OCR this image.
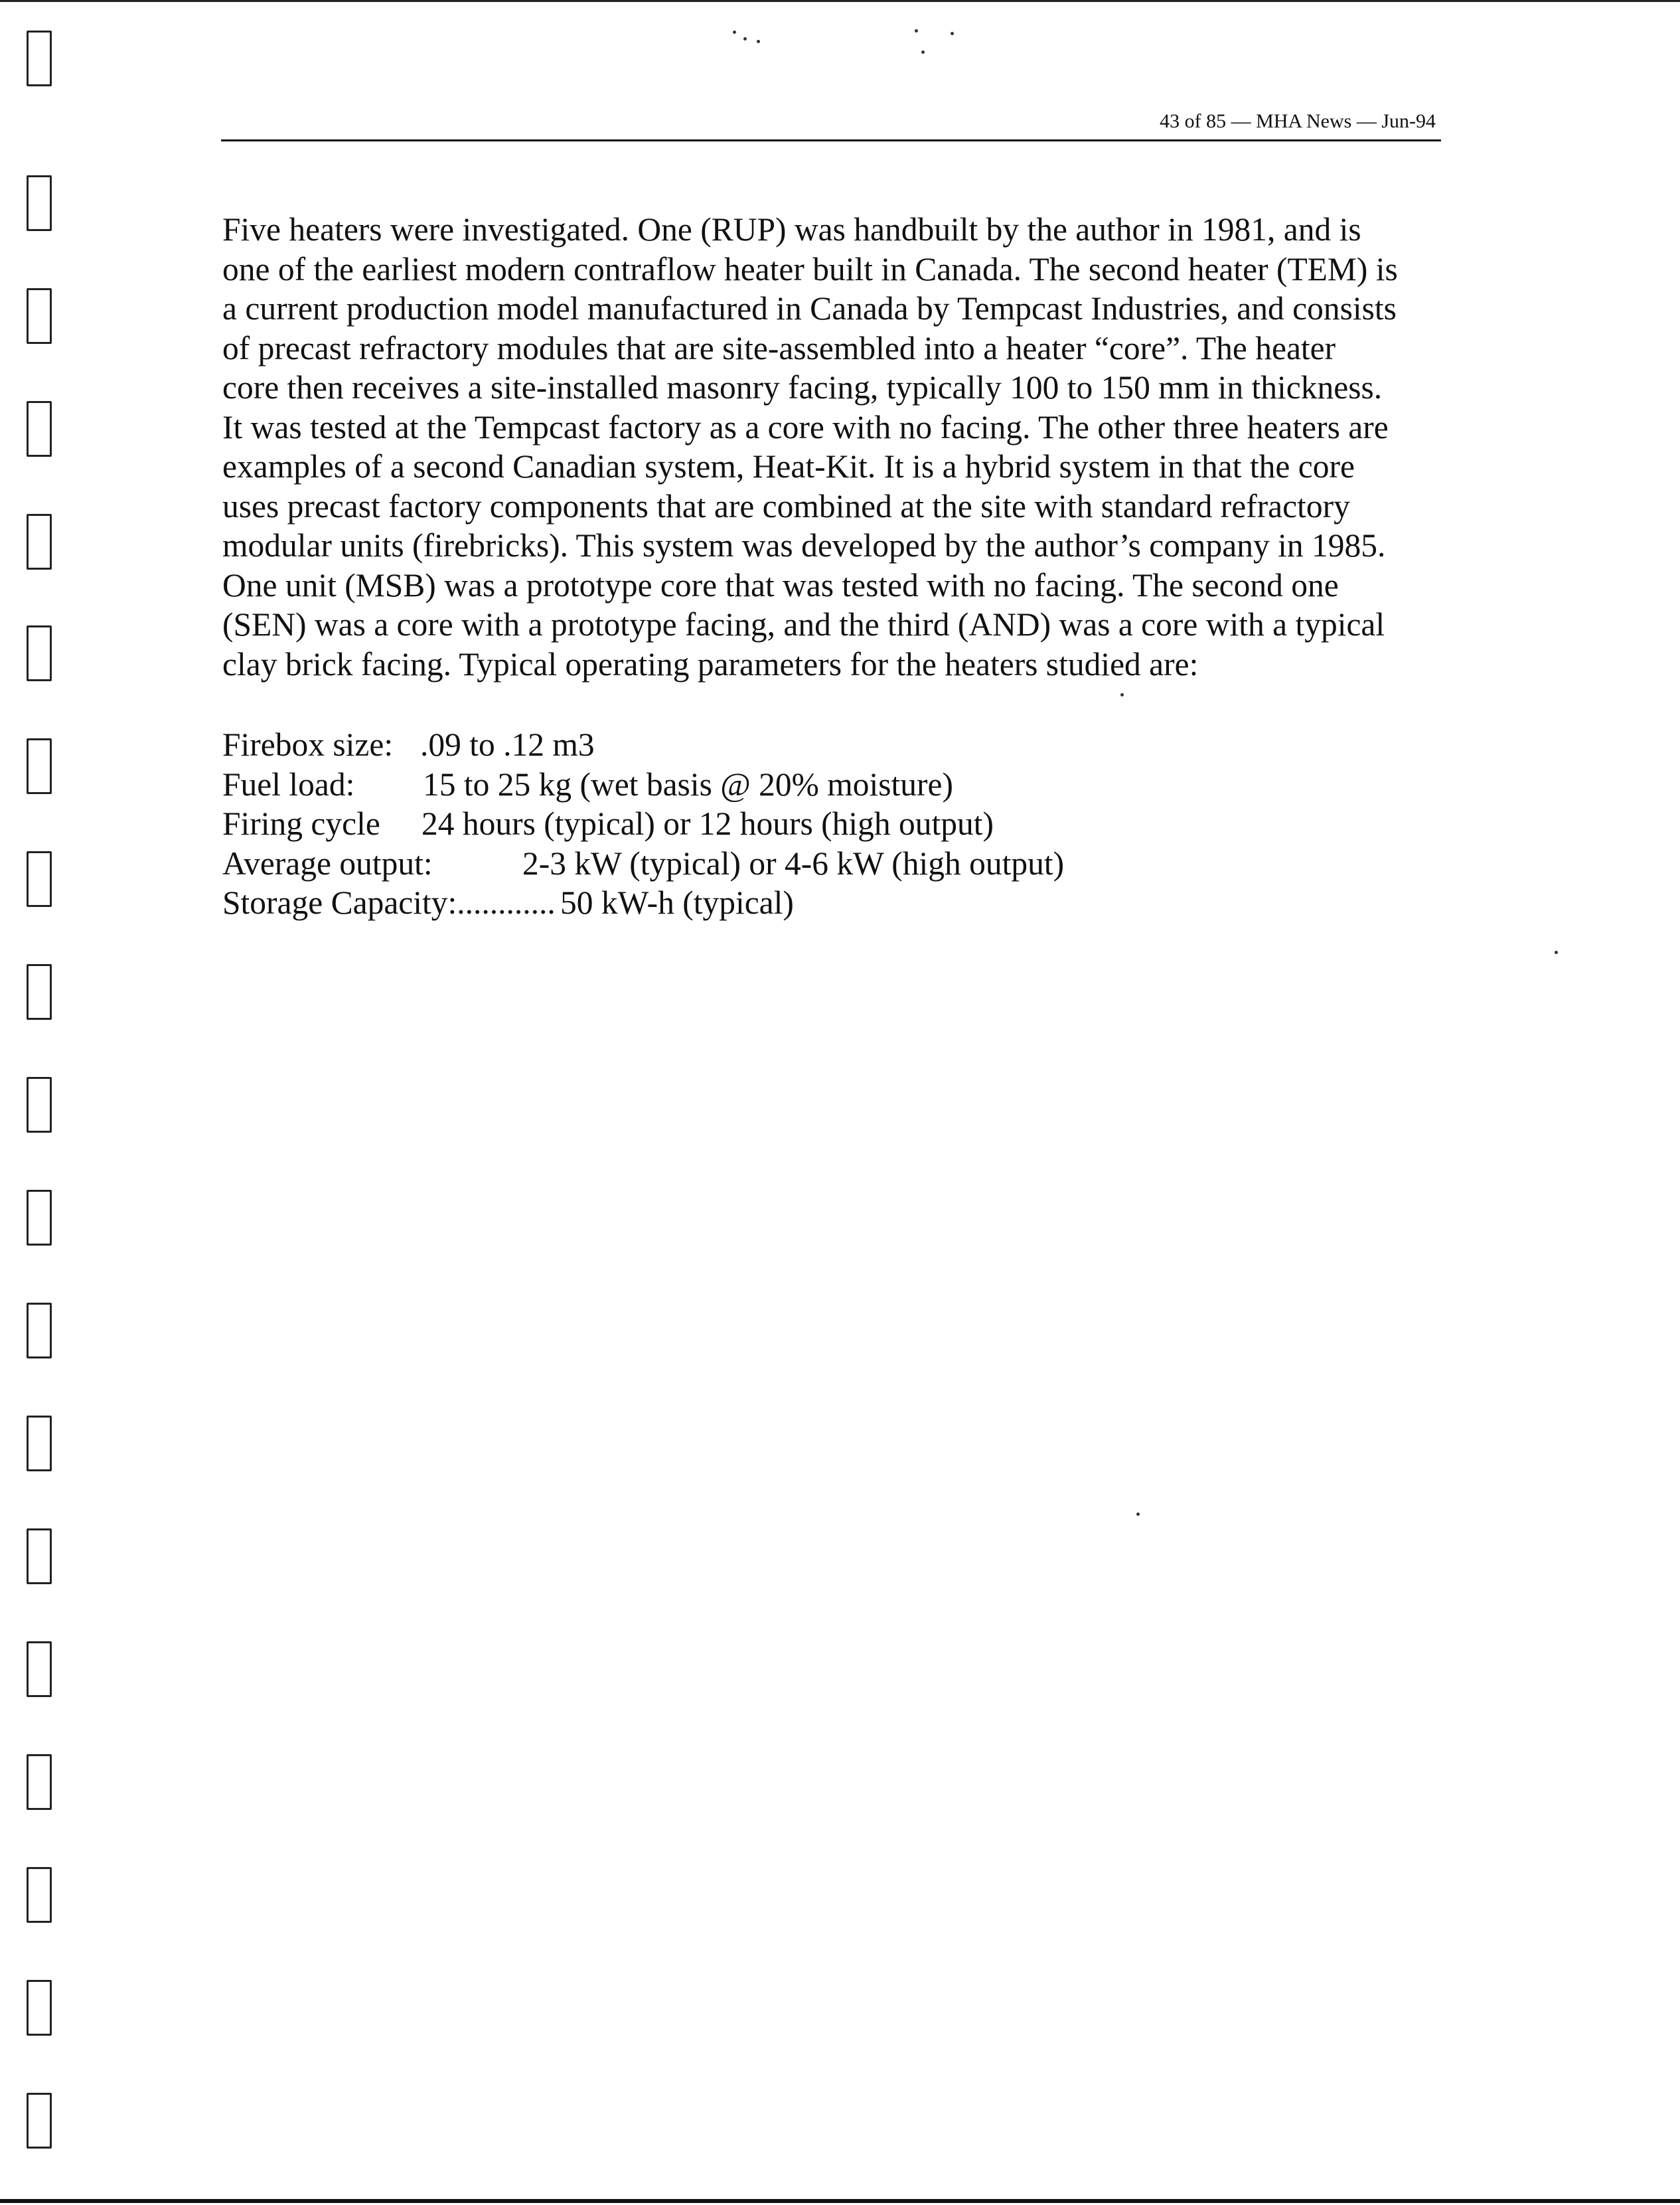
43 of 85 — MHA News — Jun-94

Five heaters were investigated. One (RUP) was handbuilt by the author in 1981, and is

one of the earliest modern contraflow heater built in Canada. The second heater (TEM) is

a current production model manufactured in Canada by Tempcast Industries, and consists

of precast refractory modules that are site-assembled into a heater “core”. The heater

core then receives a site-installed masonry facing, typically 100 to 150 mm in thickness.

It was tested at the Tempcast factory as a core with no facing. The other three heaters are

examples of a second Canadian system, Heat-Kit. It is a hybrid system in that the core

uses precast factory components that are combined at the site with standard refractory

modular units (firebricks). This system was developed by the author’s company in 1985.

One unit (MSB) was a prototype core that was tested with no facing. The second one

(SEN) was a core with a prototype facing, and the third (AND) was a core with a typical

clay brick facing. Typical operating parameters for the heaters studied are:

Firebox size: .09 to .12 m3
Fuel load: 15 to 25 kg (wet basis @ 20% moisture)
Firing cycle 24 hours (typical) or 12 hours (high output)
Average output:	2-3 kW (typical) or 4-6 kW (high output)
Storage Capacity:............ 50 kW-h (typical)
